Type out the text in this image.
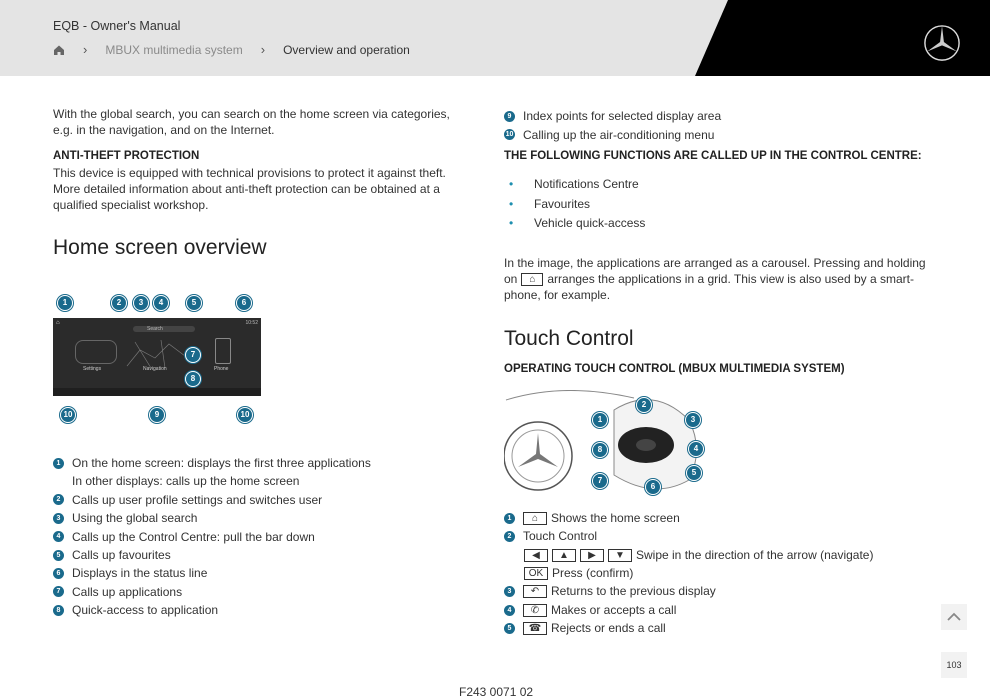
EQB - Owner's Manual
› MBUX multimedia system › Overview and operation

With the global search, you can search on the home screen via categories, e.g. in the navigation, and on the Internet.

ANTI-THEFT PROTECTION

This device is equipped with technical provisions to protect it against theft. More detailed information about anti-theft protection can be obtained at a qualified specialist workshop.

Home screen overview
⌂
Search
10:52
Settings	Navigation	Phone
1	2	3	4	5	6
7
8
10	9	10
1 On the home screen: displays the first three applications
In other displays: calls up the home screen
2 Calls up user profile settings and switches user
3 Using the global search
4 Calls up the Control Centre: pull the bar down
5 Calls up favourites
6 Displays in the status line
7 Calls up applications
8 Quick-access to application
9 Index points for selected display area
10 Calling up the air-conditioning menu
THE FOLLOWING FUNCTIONS ARE CALLED UP IN THE CONTROL CENTRE:
• Notifications Centre
• Favourites
• Vehicle quick-access

In the image, the applications are arranged as a carousel. Pressing and holding

on	⌂ arranges the applications in a grid. This view is also used by a smart-

phone, for example.

Touch Control
OPERATING TOUCH CONTROL (MBUX MULTIMEDIA SYSTEM)
1
2
3
4
5
6
7
8
1	⌂	Shows the home screen
2 Touch Control
◀	▲	▶	▼ Swipe in the direction of the arrow (navigate)
OK Press (confirm)
3	↶ Returns to the previous display
4	✆ Makes or accepts a call
5	☎ Rejects or ends a call
103
F243 0071 02
